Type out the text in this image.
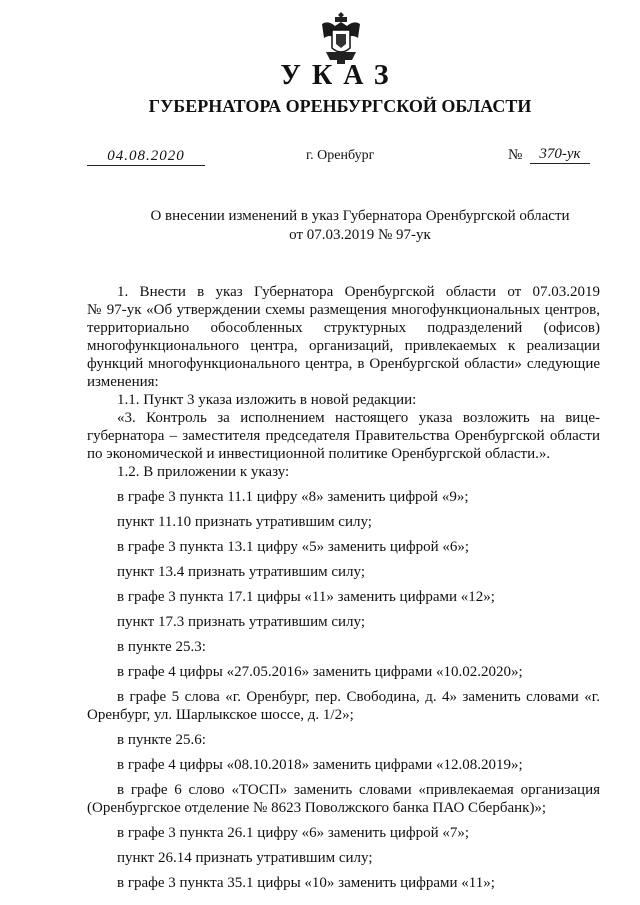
УКАЗ
ГУБЕРНАТОРА ОРЕНБУРГСКОЙ ОБЛАСТИ
04.08.2020	г. Оренбург	№	370-ук
О внесении изменений в указ Губернатора Оренбургской области
от 07.03.2019 № 97-ук

1. Внести в указ Губернатора Оренбургской области от 07.03.2019

№ 97-ук «Об утверждении схемы размещения многофункциональных центров, территориально обособленных структурных подразделений (офисов) многофункционального центра, организаций, привлекаемых к реализации функций многофункционального центра, в Оренбургской области» следующие изменения:

1.1. Пункт 3 указа изложить в новой редакции:

«3. Контроль за исполнением настоящего указа возложить на вице-губернатора – заместителя председателя Правительства Оренбургской области по экономической и инвестиционной политике Оренбургской области.».

1.2. В приложении к указу:

в графе 3 пункта 11.1 цифру «8» заменить цифрой «9»;

пункт 11.10 признать утратившим силу;

в графе 3 пункта 13.1 цифру «5» заменить цифрой «6»;

пункт 13.4 признать утратившим силу;

в графе 3 пункта 17.1 цифры «11» заменить цифрами «12»;

пункт 17.3 признать утратившим силу;

в пункте 25.3:

в графе 4 цифры «27.05.2016» заменить цифрами «10.02.2020»;

в графе 5 слова «г. Оренбург, пер. Свободина, д. 4» заменить словами «г. Оренбург, ул. Шарлыкское шоссе, д. 1/2»;

в пункте 25.6:

в графе 4 цифры «08.10.2018» заменить цифрами «12.08.2019»;

в графе 6 слово «ТОСП» заменить словами «привлекаемая организация (Оренбургское отделение № 8623 Поволжского банка ПАО Сбербанк)»;

в графе 3 пункта 26.1 цифру «6» заменить цифрой «7»;

пункт 26.14 признать утратившим силу;

в графе 3 пункта 35.1 цифры «10» заменить цифрами «11»;
